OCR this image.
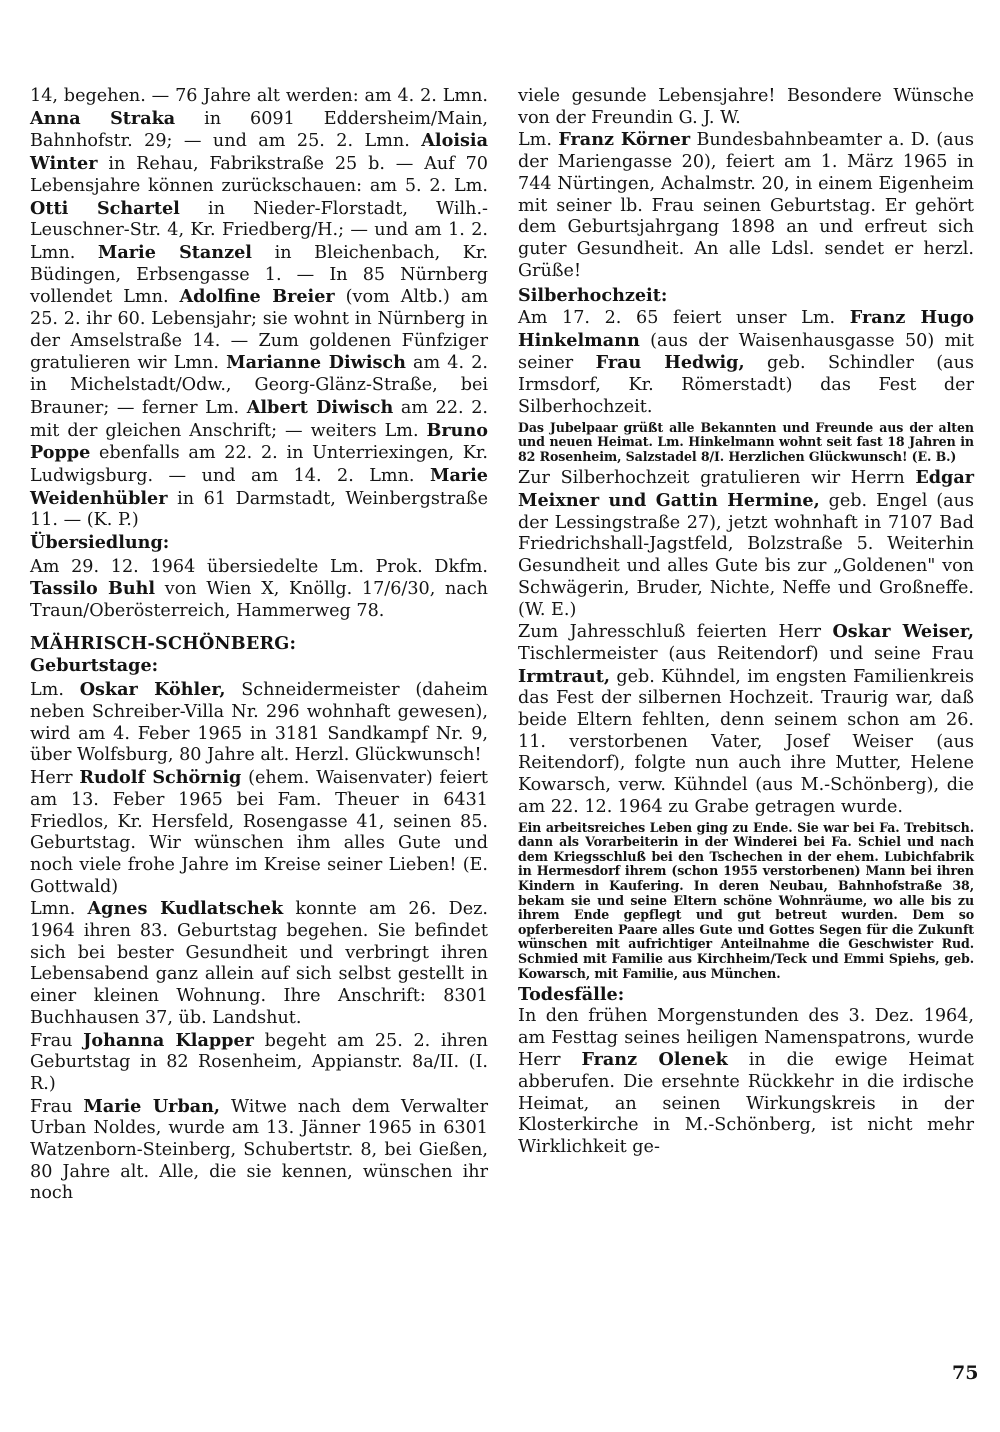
14, begehen. — 76 Jahre alt werden: am 4. 2. Lmn. Anna Straka in 6091 Eddersheim/Main, Bahnhofstr. 29; — und am 25. 2. Lmn. Aloisia Winter in Rehau, Fabrikstraße 25 b. — Auf 70 Lebensjahre können zurückschauen: am 5. 2. Lm. Otti Schartel in Nieder-Florstadt, Wilh.-Leuschner-Str. 4, Kr. Friedberg/H.; — und am 1. 2. Lmn. Marie Stanzel in Bleichenbach, Kr. Büdingen, Erbsengasse 1. — In 85 Nürnberg vollendet Lmn. Adolfine Breier (vom Altb.) am 25. 2. ihr 60. Lebensjahr; sie wohnt in Nürnberg in der Amselstraße 14. — Zum goldenen Fünfziger gratulieren wir Lmn. Marianne Diwisch am 4. 2. in Michelstadt/Odw., Georg-Glänz-Straße, bei Brauner; — ferner Lm. Albert Diwisch am 22. 2. mit der gleichen Anschrift; — weiters Lm. Bruno Poppe ebenfalls am 22. 2. in Unterriexingen, Kr. Ludwigsburg. — und am 14. 2. Lmn. Marie Weidenhübler in 61 Darmstadt, Weinbergstraße 11. — (K. P.)

Übersiedlung:

Am 29. 12. 1964 übersiedelte Lm. Prok. Dkfm. Tassilo Buhl von Wien X, Knöllg. 17/6/30, nach Traun/Oberösterreich, Hammerweg 78.

MÄHRISCH-SCHÖNBERG:

Geburtstage:

Lm. Oskar Köhler, Schneidermeister (daheim neben Schreiber-Villa Nr. 296 wohnhaft gewesen), wird am 4. Feber 1965 in 3181 Sandkampf Nr. 9, über Wolfsburg, 80 Jahre alt. Herzl. Glückwunsch!

Herr Rudolf Schörnig (ehem. Waisenvater) feiert am 13. Feber 1965 bei Fam. Theuer in 6431 Friedlos, Kr. Hersfeld, Rosengasse 41, seinen 85. Geburtstag. Wir wünschen ihm alles Gute und noch viele frohe Jahre im Kreise seiner Lieben! (E. Gottwald)

Lmn. Agnes Kudlatschek konnte am 26. Dez. 1964 ihren 83. Geburtstag begehen. Sie befindet sich bei bester Gesundheit und verbringt ihren Lebensabend ganz allein auf sich selbst gestellt in einer kleinen Wohnung. Ihre Anschrift: 8301 Buchhausen 37, üb. Landshut.

Frau Johanna Klapper begeht am 25. 2. ihren Geburtstag in 82 Rosenheim, Appianstr. 8a/II. (I. R.)

Frau Marie Urban, Witwe nach dem Verwalter Urban Noldes, wurde am 13. Jänner 1965 in 6301 Watzenborn-Steinberg, Schubertstr. 8, bei Gießen, 80 Jahre alt. Alle, die sie kennen, wünschen ihr noch

viele gesunde Lebensjahre! Besondere Wünsche von der Freundin G. J. W.

Lm. Franz Körner Bundesbahnbeamter a. D. (aus der Mariengasse 20), feiert am 1. März 1965 in 744 Nürtingen, Achalmstr. 20, in einem Eigenheim mit seiner lb. Frau seinen Geburtstag. Er gehört dem Geburtsjahrgang 1898 an und erfreut sich guter Gesundheit. An alle Ldsl. sendet er herzl. Grüße!

Silberhochzeit:

Am 17. 2. 65 feiert unser Lm. Franz Hugo Hinkelmann (aus der Waisenhausgasse 50) mit seiner Frau Hedwig, geb. Schindler (aus Irmsdorf, Kr. Römerstadt) das Fest der Silberhochzeit.

Das Jubelpaar grüßt alle Bekannten und Freunde aus der alten und neuen Heimat. Lm. Hinkelmann wohnt seit fast 18 Jahren in 82 Rosenheim, Salzstadel 8/I. Herzlichen Glückwunsch! (E. B.)

Zur Silberhochzeit gratulieren wir Herrn Edgar Meixner und Gattin Hermine, geb. Engel (aus der Lessingstraße 27), jetzt wohnhaft in 7107 Bad Friedrichshall-Jagstfeld, Bolzstraße 5. Weiterhin Gesundheit und alles Gute bis zur „Goldenen" von Schwägerin, Bruder, Nichte, Neffe und Großneffe. (W. E.)

Zum Jahresschluß feierten Herr Oskar Weiser, Tischlermeister (aus Reitendorf) und seine Frau Irmtraut, geb. Kühndel, im engsten Familienkreis das Fest der silbernen Hochzeit. Traurig war, daß beide Eltern fehlten, denn seinem schon am 26. 11. verstorbenen Vater, Josef Weiser (aus Reitendorf), folgte nun auch ihre Mutter, Helene Kowarsch, verw. Kühndel (aus M.-Schönberg), die am 22. 12. 1964 zu Grabe getragen wurde.

Ein arbeitsreiches Leben ging zu Ende. Sie war bei Fa. Trebitsch. dann als Vorarbeiterin in der Winderei bei Fa. Schiel und nach dem Kriegsschluß bei den Tschechen in der ehem. Lubichfabrik in Hermesdorf ihrem (schon 1955 verstorbenen) Mann bei ihren Kindern in Kaufering. In deren Neubau, Bahnhofstraße 38, bekam sie und seine Eltern schöne Wohnräume, wo alle bis zu ihrem Ende gepflegt und gut betreut wurden. Dem so opferbereiten Paare alles Gute und Gottes Segen für die Zukunft wünschen mit aufrichtiger Anteilnahme die Geschwister Rud. Schmied mit Familie aus Kirchheim/Teck und Emmi Spiehs, geb. Kowarsch, mit Familie, aus München.

Todesfälle:

In den frühen Morgenstunden des 3. Dez. 1964, am Festtag seines heiligen Namenspatrons, wurde Herr Franz Olenek in die ewige Heimat abberufen. Die ersehnte Rückkehr in die irdische Heimat, an seinen Wirkungskreis in der Klosterkirche in M.-Schönberg, ist nicht mehr Wirklichkeit ge-

75
